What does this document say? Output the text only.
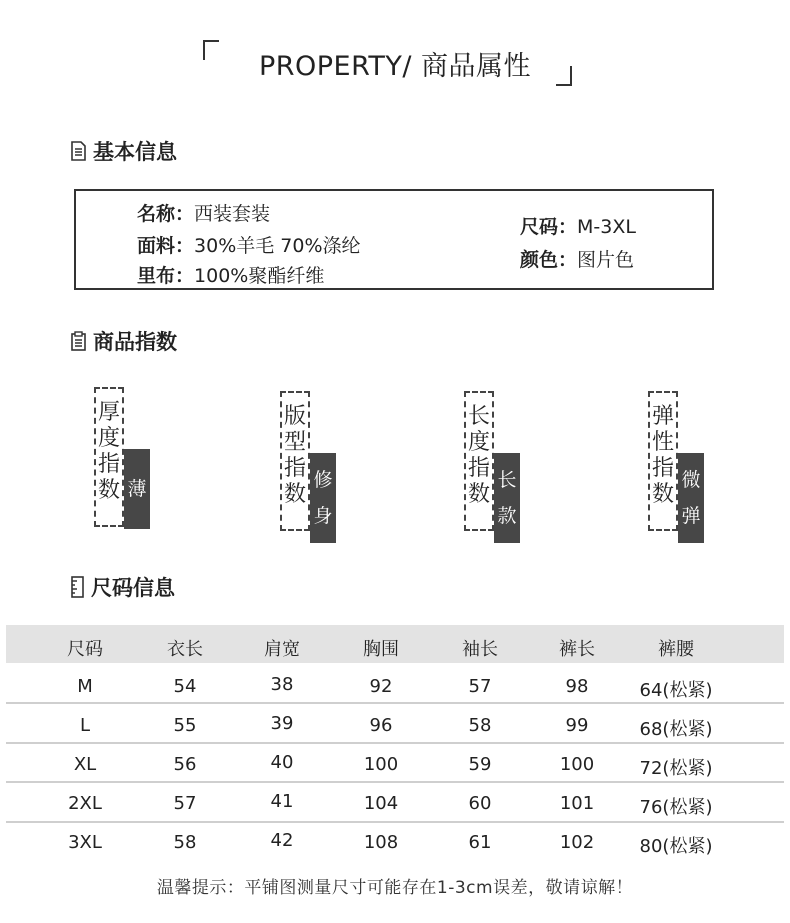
PROPERTY/ 商品属性
基本信息
名称：西装套装
面料：30%羊毛 70%涤纶
里布：100%聚酯纤维
尺码：M-3XL
颜色：图片色
商品指数
厚
度
指
数 薄
版
型
指
数
修
身
长
度
指
数
长
款
弹
性
指
数
微
弹
尺码信息
尺码	衣长	肩宽	胸围	袖长	裤长	裤腰
M	54	38	92	57	98	64(松紧)
L	55	39	96	58	99	68(松紧)
XL	56	40	100	59	100	72(松紧)
2XL	57	41	104	60	101	76(松紧)
3XL	58	42	108	61	102	80(松紧)
温馨提示：平铺图测量尺寸可能存在1-3cm误差，敬请谅解！
